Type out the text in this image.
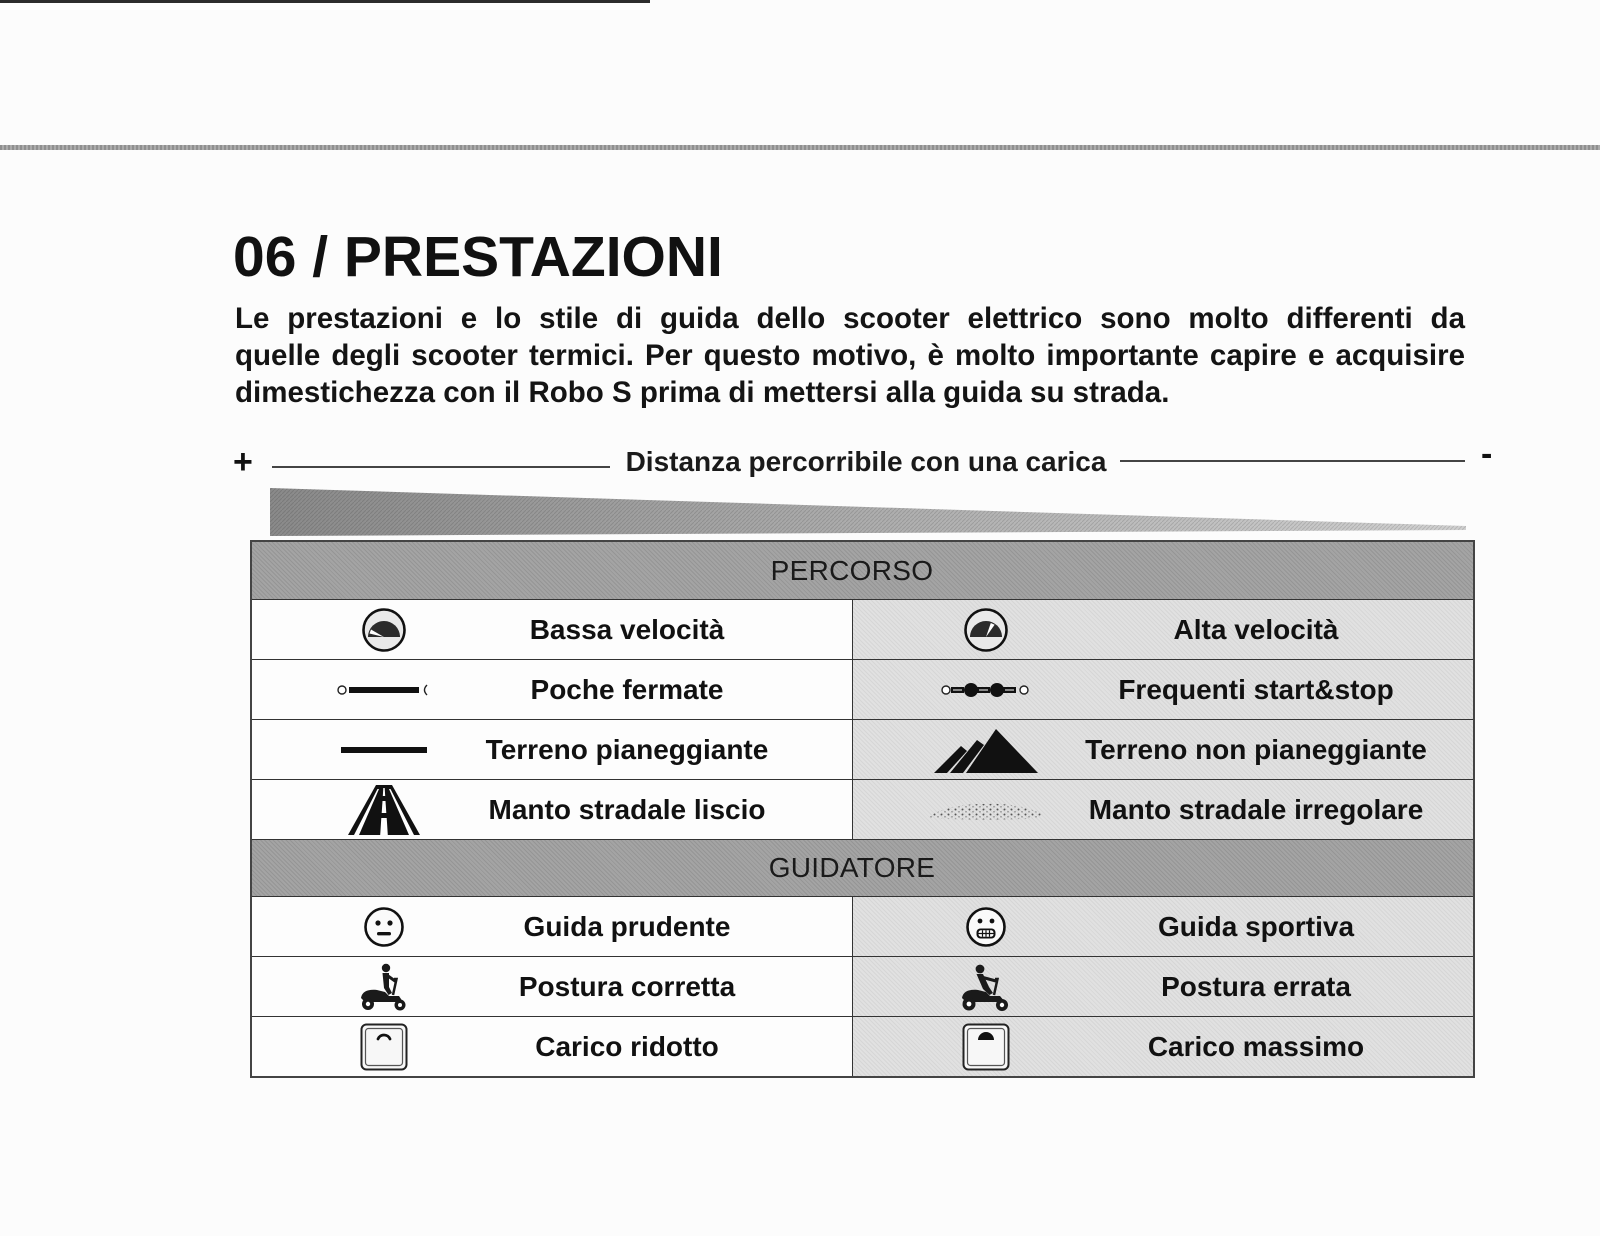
06 / PRESTAZIONI
Le prestazioni e lo stile di guida dello scooter elettrico sono molto differenti da
quelle degli scooter termici. Per questo motivo, è molto importante capire e acquisire
dimestichezza con il Robo S prima di mettersi alla guida su strada.
+	Distanza percorribile con una carica	-
PERCORSO
Bassa velocità	Alta velocità
Poche fermate	Frequenti start&stop
Terreno pianeggiante	Terreno non pianeggiante
Manto stradale liscio	Manto stradale irregolare
GUIDATORE
Guida prudente	Guida sportiva
Postura corretta	Postura errata
Carico ridotto	Carico massimo
